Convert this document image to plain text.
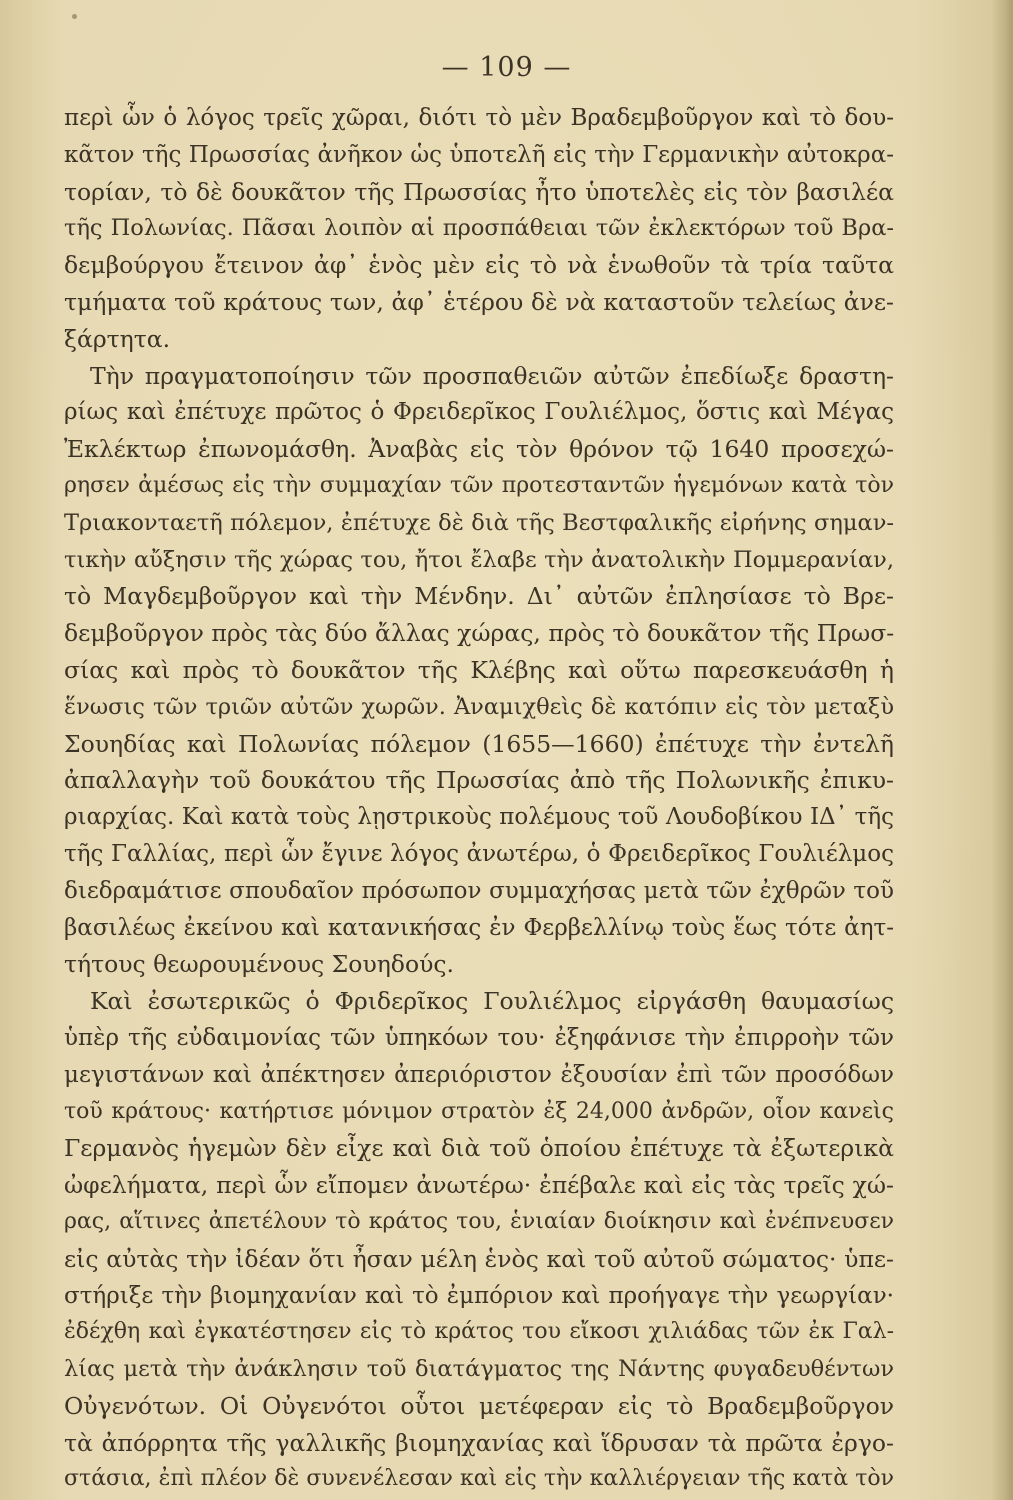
— 109 —
περὶ ὧν ὁ λόγος τρεῖς χῶραι, διότι τὸ μὲν Βραδεμβοῦργον καὶ τὸ δου-
κᾶτον τῆς Πρωσσίας ἀνῆκον ὡς ὑποτελῆ εἰς τὴν Γερμανικὴν αὐτοκρα-
τορίαν, τὸ δὲ δουκᾶτον τῆς Πρωσσίας ἦτο ὑποτελὲς εἰς τὸν βασιλέα
τῆς Πολωνίας. Πᾶσαι λοιπὸν αἱ προσπάθειαι τῶν ἐκλεκτόρων τοῦ Βρα-
δεμβούργου ἔτεινον ἀφ᾽ ἑνὸς μὲν εἰς τὸ νὰ ἑνωθοῦν τὰ τρία ταῦτα
τμήματα τοῦ κράτους των, ἀφ᾽ ἑτέρου δὲ νὰ καταστοῦν τελείως ἀνε-
ξάρτητα.
Τὴν πραγματοποίησιν τῶν προσπαθειῶν αὐτῶν ἐπεδίωξε δραστη-
ρίως καὶ ἐπέτυχε πρῶτος ὁ Φρειδερῖκος Γουλιέλμος, ὅστις καὶ Μέγας
Ἐκλέκτωρ ἐπωνομάσθη. Ἀναβὰς εἰς τὸν θρόνον τῷ 1640 προσεχώ-
ρησεν ἀμέσως εἰς τὴν συμμαχίαν τῶν προτεσταντῶν ἡγεμόνων κατὰ τὸν
Τριακονταετῆ πόλεμον, ἐπέτυχε δὲ διὰ τῆς Βεστφαλικῆς εἰρήνης σημαν-
τικὴν αὔξησιν τῆς χώρας του, ἤτοι ἔλαβε τὴν ἀνατολικὴν Πομμερανίαν,
τὸ Μαγδεμβοῦργον καὶ τὴν Μένδην. Δι᾽ αὐτῶν ἐπλησίασε τὸ Βρε-
δεμβοῦργον πρὸς τὰς δύο ἄλλας χώρας, πρὸς τὸ δουκᾶτον τῆς Πρωσ-
σίας καὶ πρὸς τὸ δουκᾶτον τῆς Κλέβης καὶ οὕτω παρεσκευάσθη ἡ
ἕνωσις τῶν τριῶν αὐτῶν χωρῶν. Ἀναμιχθεὶς δὲ κατόπιν εἰς τὸν μεταξὺ
Σουηδίας καὶ Πολωνίας πόλεμον (1655—1660) ἐπέτυχε τὴν ἐντελῆ
ἀπαλλαγὴν τοῦ δουκάτου τῆς Πρωσσίας ἀπὸ τῆς Πολωνικῆς ἐπικυ-
ριαρχίας. Καὶ κατὰ τοὺς λῃστρικοὺς πολέμους τοῦ Λουδοβίκου ΙΔ᾽ τῆς
τῆς Γαλλίας, περὶ ὧν ἔγινε λόγος ἀνωτέρω, ὁ Φρειδερῖκος Γουλιέλμος
διεδραμάτισε σπουδαῖον πρόσωπον συμμαχήσας μετὰ τῶν ἐχθρῶν τοῦ
βασιλέως ἐκείνου καὶ κατανικήσας ἐν Φερβελλίνῳ τοὺς ἕως τότε ἀητ-
τήτους θεωρουμένους Σουηδούς.
Καὶ ἐσωτερικῶς ὁ Φριδερῖκος Γουλιέλμος εἰργάσθη θαυμασίως
ὑπὲρ τῆς εὐδαιμονίας τῶν ὑπηκόων του· ἐξηφάνισε τὴν ἐπιρροὴν τῶν
μεγιστάνων καὶ ἀπέκτησεν ἀπεριόριστον ἐξουσίαν ἐπὶ τῶν προσόδων
τοῦ κράτους· κατήρτισε μόνιμον στρατὸν ἐξ 24,000 ἀνδρῶν, οἷον κανεὶς
Γερμανὸς ἡγεμὼν δὲν εἶχε καὶ διὰ τοῦ ὁποίου ἐπέτυχε τὰ ἐξωτερικὰ
ὠφελήματα, περὶ ὧν εἴπομεν ἀνωτέρω· ἐπέβαλε καὶ εἰς τὰς τρεῖς χώ-
ρας, αἵτινες ἀπετέλουν τὸ κράτος του, ἑνιαίαν διοίκησιν καὶ ἐνέπνευσεν
εἰς αὐτὰς τὴν ἰδέαν ὅτι ἦσαν μέλη ἑνὸς καὶ τοῦ αὐτοῦ σώματος· ὑπε-
στήριξε τὴν βιομηχανίαν καὶ τὸ ἐμπόριον καὶ προήγαγε τὴν γεωργίαν·
ἐδέχθη καὶ ἐγκατέστησεν εἰς τὸ κράτος του εἴκοσι χιλιάδας τῶν ἐκ Γαλ-
λίας μετὰ τὴν ἀνάκλησιν τοῦ διατάγματος της Νάντης φυγαδευθέντων
Οὐγενότων. Οἱ Οὐγενότοι οὗτοι μετέφεραν εἰς τὸ Βραδεμβοῦργον
τὰ ἀπόρρητα τῆς γαλλικῆς βιομηχανίας καὶ ἵδρυσαν τὰ πρῶτα ἐργο-
στάσια, ἐπὶ πλέον δὲ συνενέλεσαν καὶ εἰς τὴν καλλιέργειαν τῆς κατὰ τὸν
